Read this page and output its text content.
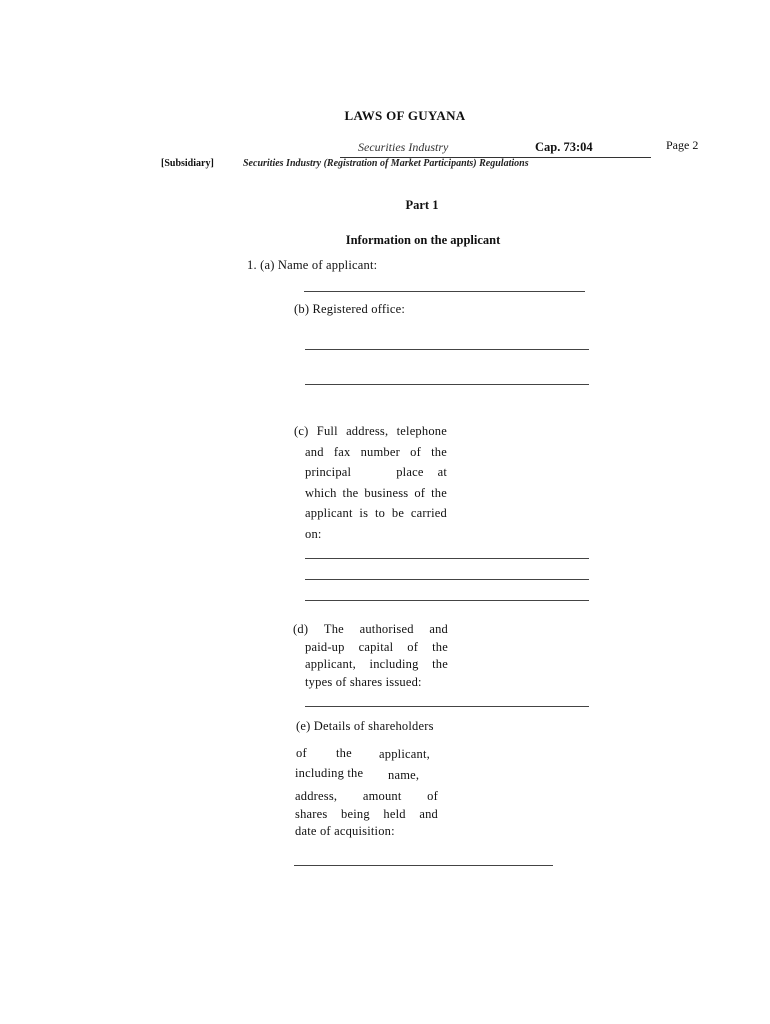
LAWS OF GUYANA
Securities Industry	Cap. 73:04	Page 2
[Subsidiary]	Securities Industry (Registration of Market Participants) Regulations
Part 1
Information on the applicant
1. (a) Name of applicant:
(b) Registered office:
(c) Full address, telephone
and fax number of the
principal	place at
which the business of the
applicant is to be carried
on:
(d) The authorised and
paid-up capital of the
applicant, including the
types of shares issued:
(e) Details of shareholders
of the applicant,
including the name,
address, amount of
shares being held and
date of acquisition:
